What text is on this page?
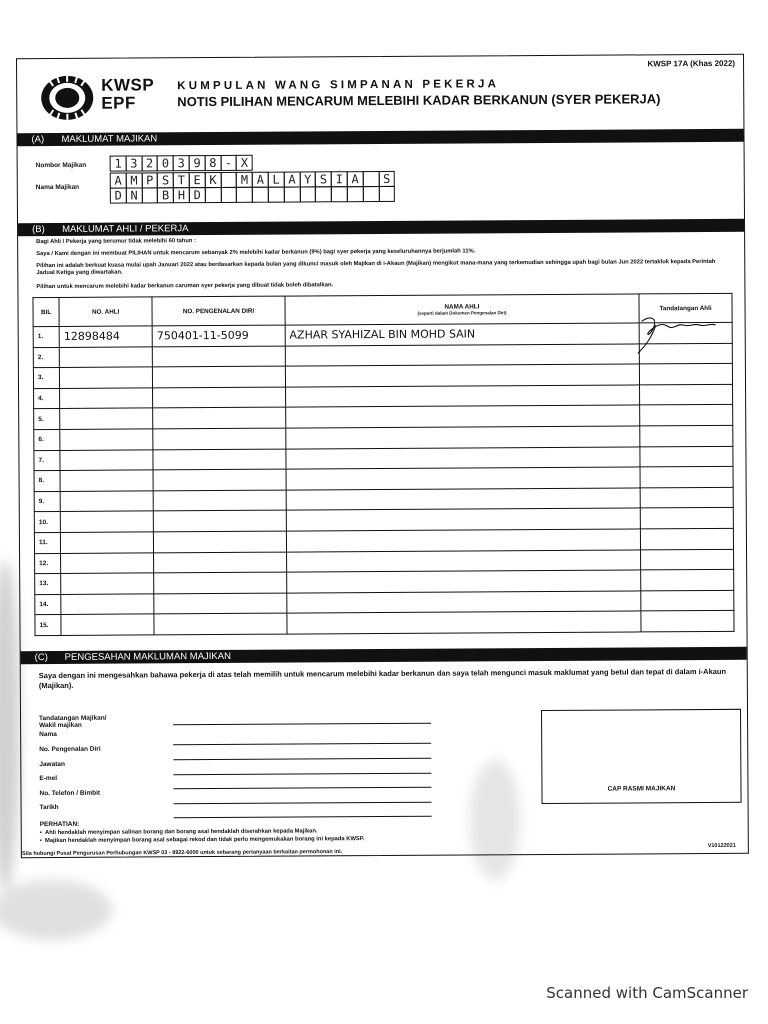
KWSP 17A (Khas 2022)
KWSP
EPF
KUMPULAN WANG SIMPANAN PEKERJA
NOTIS PILIHAN MENCARUM MELEBIHI KADAR BERKANUN (SYER PEKERJA)
(A) MAKLUMAT MAJIKAN
Nombor Majikan	1 3 2 0 3 9 8 - X
Nama Majikan	A M P S T E K	M A L A Y S I A	S
D N	B H D
(B) MAKLUMAT AHLI / PEKERJA
Bagi Ahli / Pekerja yang berumur tidak melebihi 60 tahun :
Saya / Kami dengan ini membuat PILIHAN untuk mencarum sebanyak 2% melebihi kadar berkanun (9%) bagi syer pekerja yang keseluruhannya berjumlah 11%.
Pilihan ini adalah berkuat kuasa mulai upah Januari 2022 atau berdasarkan kepada bulan yang dikunci masuk oleh Majikan di i-Akaun (Majikan) mengikut mana-mana yang terkemudian sehingga upah bagi bulan Jun 2022 tertakluk kepada Perintah Jadual Ketiga yang diwartakan.
Pilihan untuk mencarum melebihi kadar berkanun caruman syer pekerja yang dibuat tidak boleh dibatalkan.
BIL	NO. AHLI	NO. PENGENALAN DIRI	NAMA AHLI
(seperti dalam Dokumen Pengenalan Diri)	Tandatangan Ahli
1.	12898484	750401-11-5099	AZHAR SYAHIZAL BIN MOHD SAIN	

2.				
3.				
4.				
5.				
6.				
7.				
8.				
9.				
10.				
11.				
12.				
13.				
14.				
15.				
(C) PENGESAHAN MAKLUMAN MAJIKAN
Saya dengan ini mengesahkan bahawa pekerja di atas telah memilih untuk mencarum melebihi kadar berkanun dan saya telah mengunci masuk maklumat yang betul dan tepat di dalam i-Akaun (Majikan).
Tandatangan Majikan/ Wakil majikan
Nama
No. Pengenalan Diri
Jawatan
E-mel
No. Telefon / Bimbit
Tarikh
CAP RASMI MAJIKAN
PERHATIAN:
•  Ahli hendaklah menyimpan salinan borang dan borang asal hendaklah diserahkan kepada Majikan.
•  Majikan hendaklah menyimpan borang asal sebagai rekod dan tidak perlu mengemukakan borang ini kepada KWSP.
V10122021
Sila hubungi Pusat Pengurusan Perhubungan KWSP 03 - 8922-6000 untuk sebarang pertanyaan berkaitan permohonan ini.
Scanned with CamScanner
